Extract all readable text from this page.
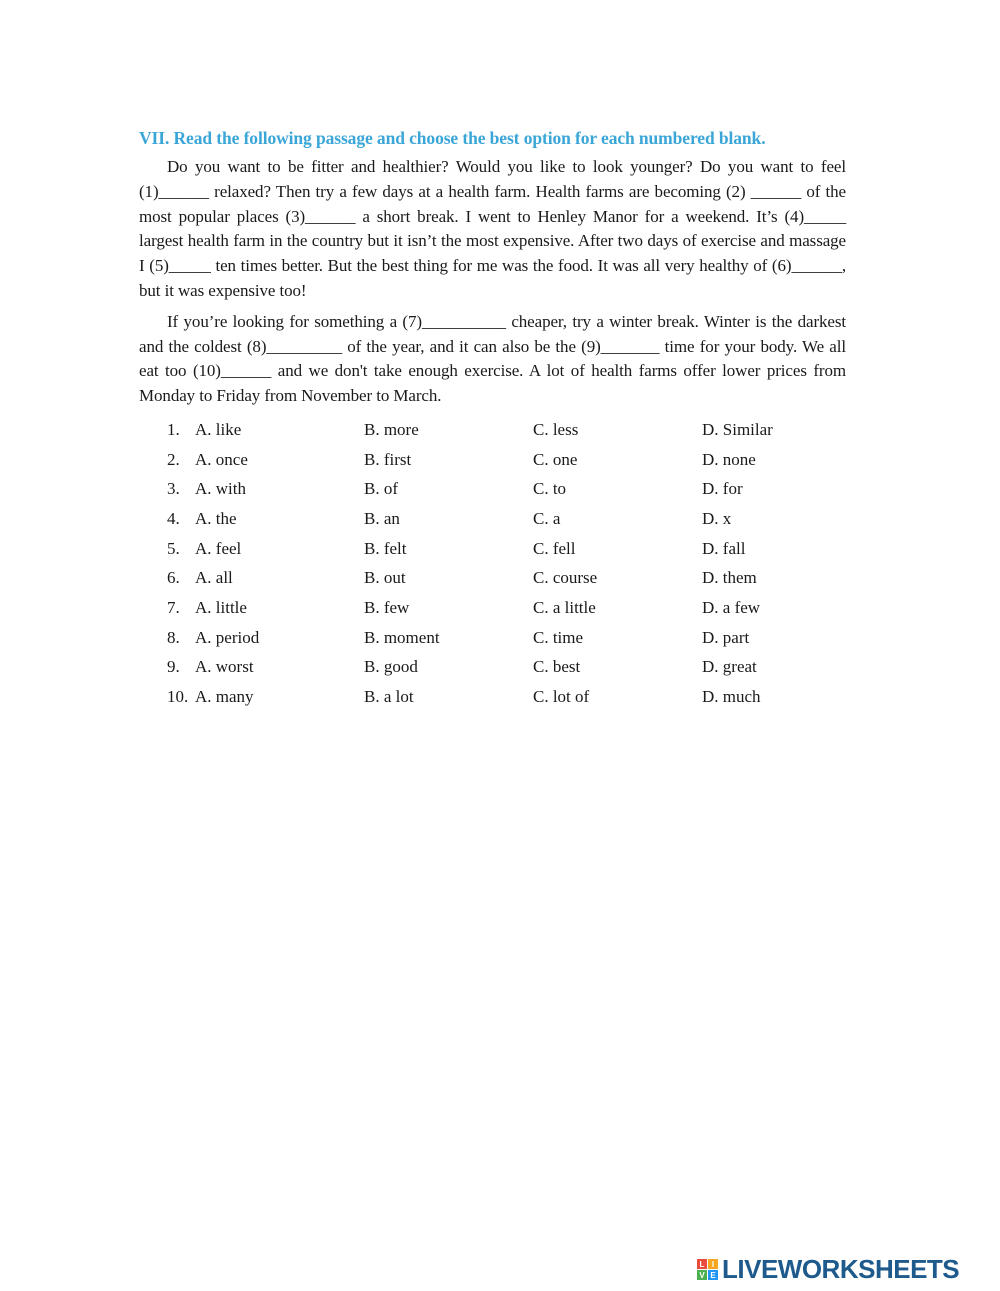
VII. Read the following passage and choose the best option for each numbered blank.

Do you want to be fitter and healthier? Would you like to look younger? Do you want to feel (1)______ relaxed? Then try a few days at a health farm. Health farms are becoming (2) ______ of the most popular places (3)______ a short break. I went to Henley Manor for a weekend. It’s (4)_____ largest health farm in the country but it isn’t the most expensive. After two days of exercise and massage I (5)_____ ten times better. But the best thing for me was the food. It was all very healthy of (6)______, but it was expensive too!

If you’re looking for something a (7)__________ cheaper, try a winter break. Winter is the darkest and the coldest (8)_________ of the year, and it can also be the (9)_______ time for your body. We all eat too (10)______ and we don't take enough exercise. A lot of health farms offer lower prices from Monday to Friday from November to March.

1. A. like	B. more	C. less	D. Similar
2. A. once	B. first	C. one	D. none
3. A. with	B. of	C. to	D. for
4. A. the	B. an	C. a	D. x
5. A. feel	B. felt	C. fell	D. fall
6. A. all	B. out	C. course	D. them
7. A. little	B. few	C. a little	D. a few
8. A. period	B. moment	C. time	D. part
9. A. worst	B. good	C. best	D. great
10. A. many	B. a lot	C. lot of	D. much
L I
V E LIVEWORKSHEETS
